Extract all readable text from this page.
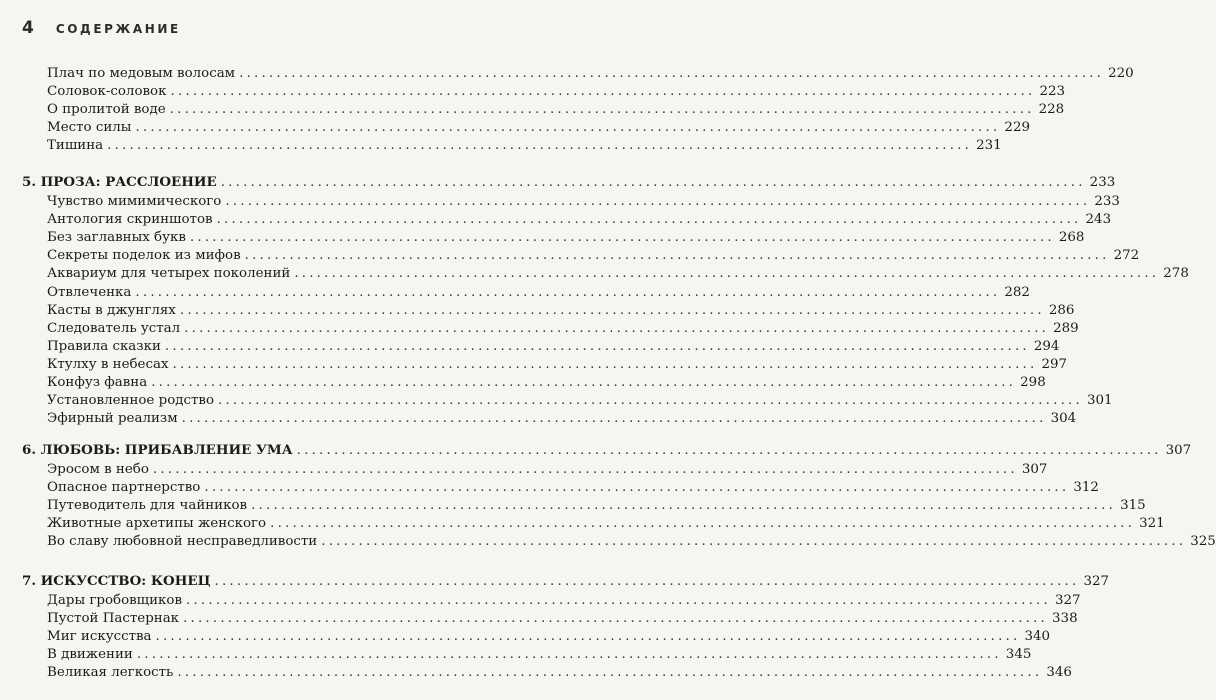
4 СОДЕРЖАНИЕ
Плач по медовым волосам .................................................................................................................... 220
Соловок-соловок .................................................................................................................... 223
О пролитой воде .................................................................................................................... 228
Место силы .................................................................................................................... 229
Тишина .................................................................................................................... 231
5. ПРОЗА: РАССЛОЕНИЕ .................................................................................................................... 233
Чувство мимимического .................................................................................................................... 233
Антология скриншотов .................................................................................................................... 243
Без заглавных букв .................................................................................................................... 268
Секреты поделок из мифов .................................................................................................................... 272
Аквариум для четырех поколений .................................................................................................................... 278
Отвлеченка .................................................................................................................... 282
Касты в джунглях .................................................................................................................... 286
Следователь устал .................................................................................................................... 289
Правила сказки .................................................................................................................... 294
Ктулху в небесах .................................................................................................................... 297
Конфуз фавна .................................................................................................................... 298
Установленное родство .................................................................................................................... 301
Эфирный реализм .................................................................................................................... 304
6. ЛЮБОВЬ: ПРИБАВЛЕНИЕ УМА .................................................................................................................... 307
Эросом в небо .................................................................................................................... 307
Опасное партнерство .................................................................................................................... 312
Путеводитель для чайников .................................................................................................................... 315
Животные архетипы женского .................................................................................................................... 321
Во славу любовной несправедливости .................................................................................................................... 325
7. ИСКУССТВО: КОНЕЦ .................................................................................................................... 327
Дары гробовщиков .................................................................................................................... 327
Пустой Пастернак .................................................................................................................... 338
Миг искусства .................................................................................................................... 340
В движении .................................................................................................................... 345
Великая легкость .................................................................................................................... 346
